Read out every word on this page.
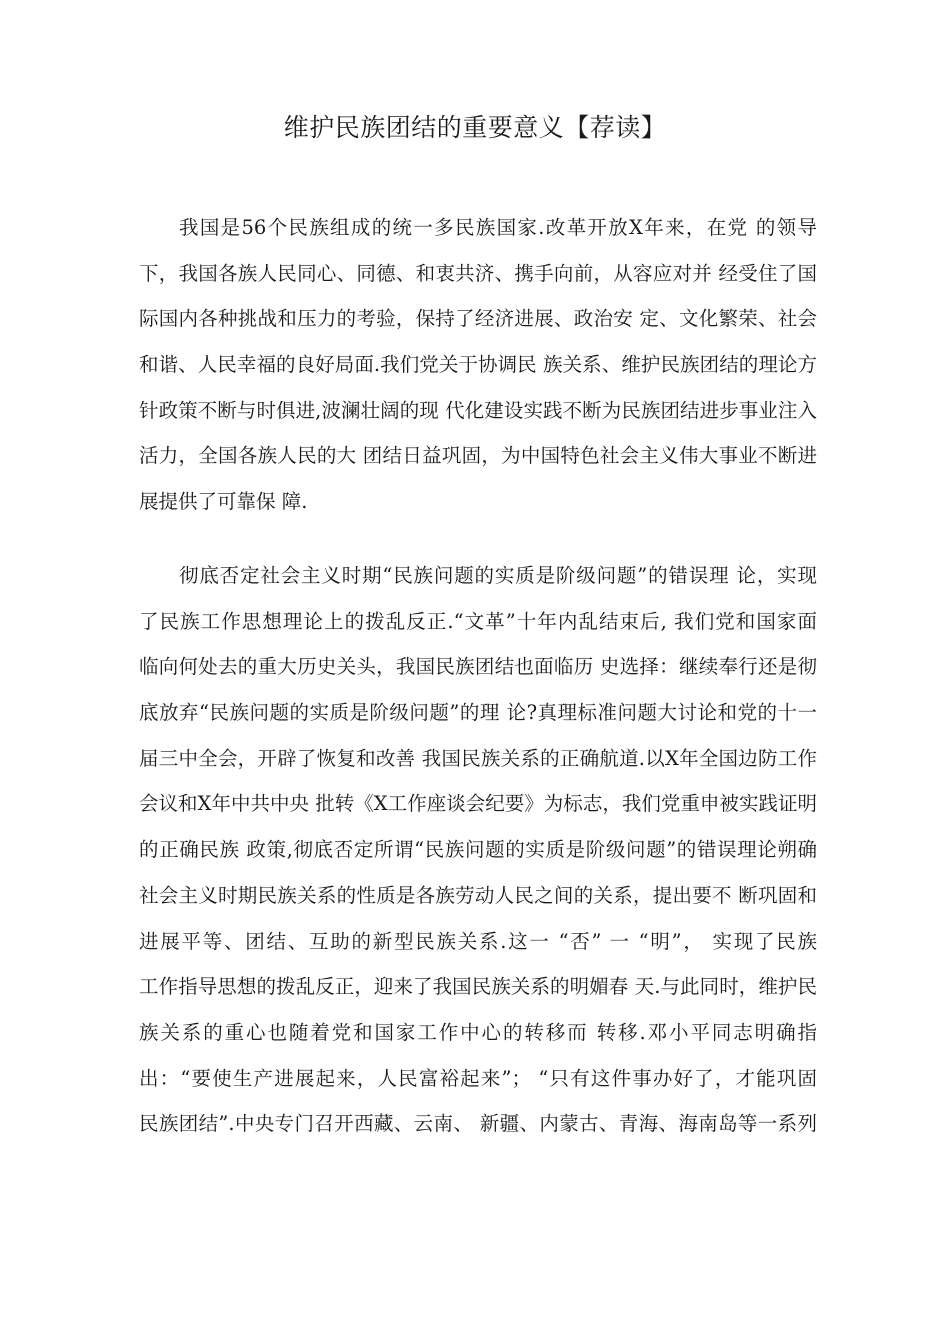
维护民族团结的重要意义【荐读】
我国是56个民族组成的统一多民族国家.改革开放X年来，在党 的领导
下，我国各族人民同心、同德、和衷共济、携手向前，从容应对并 经受住了国
际国内各种挑战和压力的考验，保持了经济进展、政治安 定、文化繁荣、社会
和谐、人民幸福的良好局面.我们党关于协调民 族关系、维护民族团结的理论方
针政策不断与时俱进,波澜壮阔的现 代化建设实践不断为民族团结进步事业注入
活力，全国各族人民的大 团结日益巩固，为中国特色社会主义伟大事业不断进
展提供了可靠保 障.
彻底否定社会主义时期“民族问题的实质是阶级问题”的错误理 论，实现
了民族工作思想理论上的拨乱反正.“文革”十年内乱结束后, 我们党和国家面
临向何处去的重大历史关头，我国民族团结也面临历 史选择：继续奉行还是彻
底放弃“民族问题的实质是阶级问题”的理 论?真理标准问题大讨论和党的十一
届三中全会，开辟了恢复和改善 我国民族关系的正确航道.以X年全国边防工作
会议和X年中共中央 批转《X工作座谈会纪要》为标志，我们党重申被实践证明
的正确民族 政策,彻底否定所谓“民族问题的实质是阶级问题”的错误理论朔确
社会主义时期民族关系的性质是各族劳动人民之间的关系，提出要不 断巩固和
进展平等、团结、互助的新型民族关系.这一 “否” 一 “明”， 实现了民族
工作指导思想的拨乱反正，迎来了我国民族关系的明媚春 天.与此同时，维护民
族关系的重心也随着党和国家工作中心的转移而 转移.邓小平同志明确指
出：“要使生产进展起来，人民富裕起来”； “只有这件事办好了，才能巩固
民族团结”.中央专门召开西藏、云南、 新疆、内蒙古、青海、海南岛等一系列
